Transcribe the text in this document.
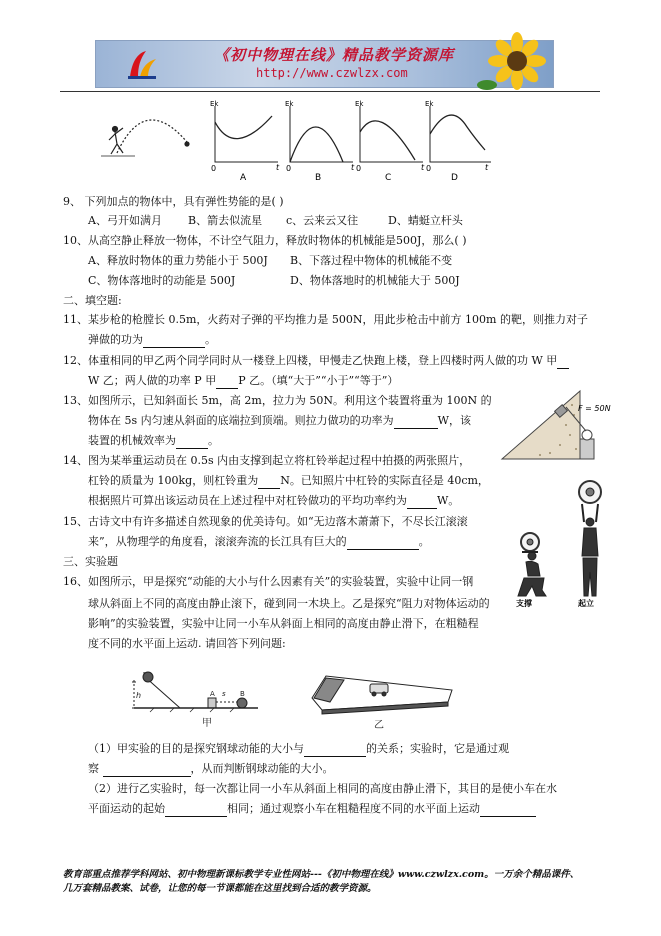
《初中物理在线》精品教学资源库
http://www.czwlzx.com
Ek
0	t
A
Ek
0	t
B
Ek
0	t
C
Ek
0	t
D
9、 下列加点的物体中，具有弹性势能的是( )
A、弓开如满月 B、箭去似流星 c、云来云又往	D、蜻蜓立杆头
10、从高空静止释放一物体，不计空气阻力，释放时物体的机械能是500J，那么( )
A、释放时物体的重力势能小于 500J B、下落过程中物体的机械能不变
C、物体落地时的动能是 500J	D、物体落地时的机械能大于 500J
二、填空题:
11、某步枪的枪膛长 0.5m，火药对子弹的平均推力是 500N，用此步枪击中前方 100m 的靶，则推力对子
弹做的功为	。
12、体重相同的甲乙两个同学同时从一楼登上四楼，甲慢走乙快跑上楼，登上四楼时两人做的功 W 甲
W 乙；两人做的功率 P 甲 P 乙。（填“大于”“小于”“等于”）
13、如图所示，已知斜面长 5m，高 2m，拉力为 50N。利用这个装置将重为 100N 的
物体在 5s 内匀速从斜面的底端拉到顶端。则拉力做功的功率为	W，该
装置的机械效率为	。
F = 50N
14、图为某举重运动员在 0.5s 内由支撑到起立将杠铃举起过程中拍摄的两张照片，
杠铃的质量为 100kg，则杠铃重为 N。已知照片中杠铃的实际直径是 40cm，
根据照片可算出该运动员在上述过程中对杠铃做功的平均功率约为	W。
15、古诗文中有许多描述自然现象的优美诗句。如“无边落木萧萧下，不尽长江滚滚
来”，从物理学的角度看，滚滚奔流的长江具有巨大的	。
支撑	起立
三、实验题
16、如图所示，甲是探究“动能的大小与什么因素有关”的实验装置，实验中让同一钢
球从斜面上不同的高度由静止滚下，碰到同一木块上。乙是探究“阻力对物体运动的
影响”的实验装置，实验中让同一小车从斜面上相同的高度由静止滑下，在粗糙程
度不同的水平面上运动. 请回答下列问题:
h	A s B
甲	乙
（1）甲实验的目的是探究钢球动能的大小与	的关系；实验时，它是通过观
察	，从而判断钢球动能的大小。
（2）进行乙实验时，每一次都让同一小车从斜面上相同的高度由静止滑下，其目的是使小车在水
平面运动的起始	相同；通过观察小车在粗糙程度不同的水平面上运动
教育部重点推荐学科网站、初中物理新课标教学专业性网站---《初中物理在线》www.czwlzx.com。一万余个精品课件、
几万套精品教案、试卷，让您的每一节课都能在这里找到合适的教学资源。
